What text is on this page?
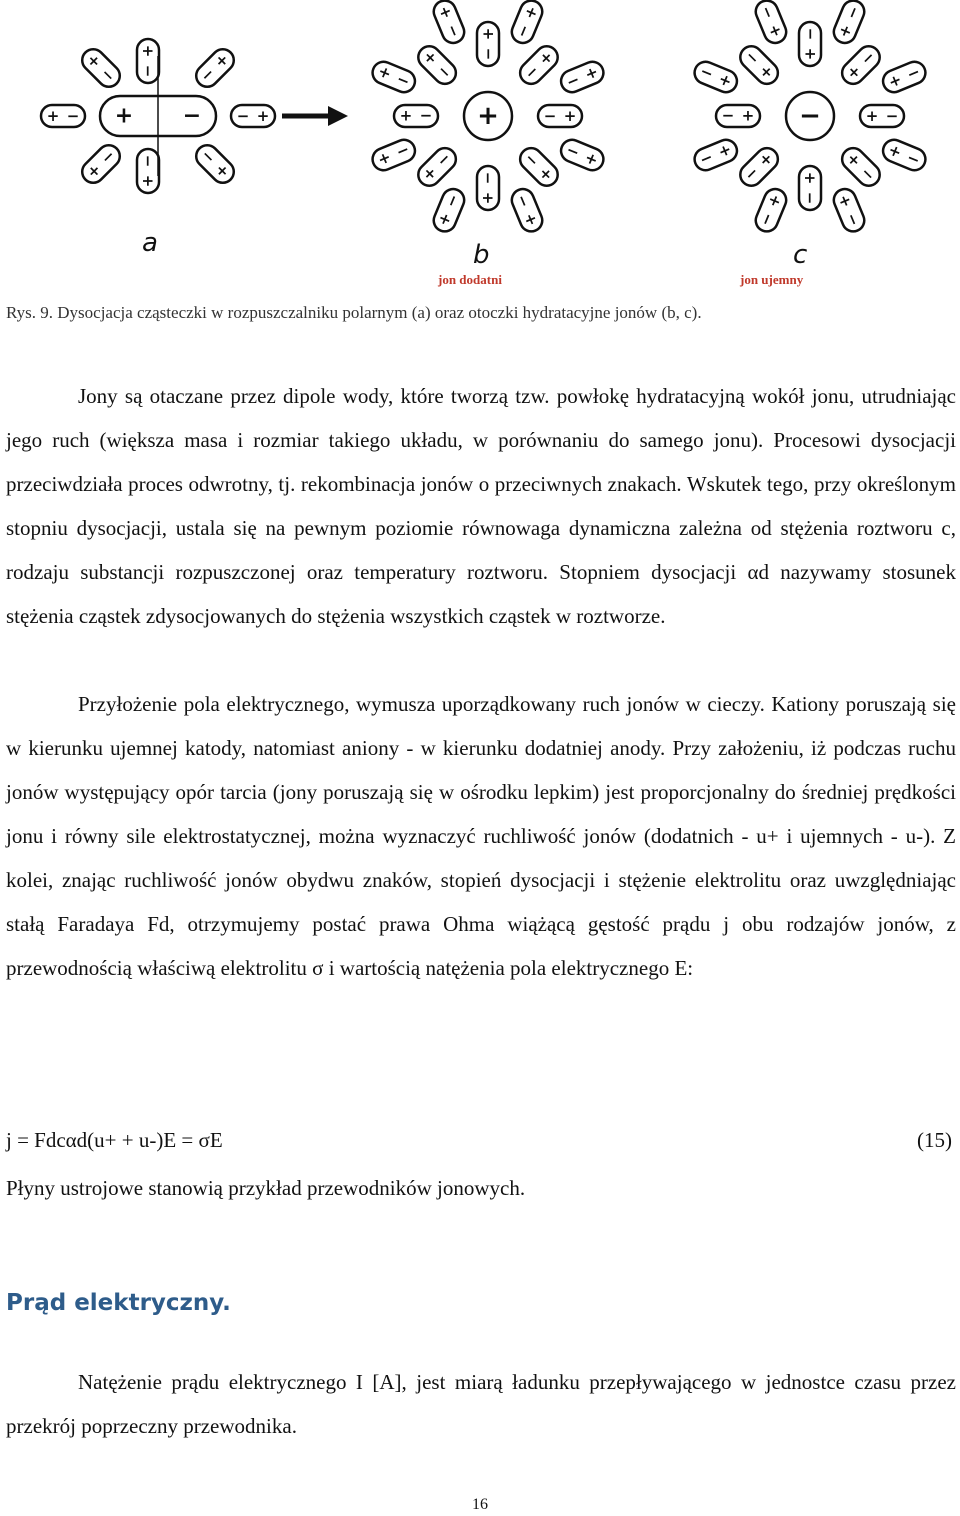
+ −
+ −	− +
+
−
−
+
+
−
+
−
+
−
+
−
+	− +
−
+
−
+
−
+
−
+
−
+	−
+
−
+
− +
−
+
−
+
−
+
−
+
−
+
−
+
− +
−	+ −
+
−
+
−
+
−
+
−
+
−	+
−
+
−
+ −
+
−
+
−
+
−
+
−
+
−
+
−
+ −
a	b	c
jon dodatni	jon ujemny
Rys. 9. Dysocjacja cząsteczki w rozpuszczalniku polarnym (a) oraz otoczki hydratacyjne jonów (b, c).

Jony są otaczane przez dipole wody, które tworzą tzw. powłokę hydratacyjną wokół jonu, utrudniając jego ruch (większa masa i rozmiar takiego układu, w porównaniu do samego jonu). Procesowi dysocjacji przeciwdziała proces odwrotny, tj. rekombinacja jonów o przeciwnych znakach. Wskutek tego, przy określonym stopniu dysocjacji, ustala się na pewnym poziomie równowaga dynamiczna zależna od stężenia roztworu c, rodzaju substancji rozpuszczonej oraz temperatury roztworu. Stopniem dysocjacji αd nazywamy stosunek stężenia cząstek zdysocjowanych do stężenia wszystkich cząstek w roztworze.

Przyłożenie pola elektrycznego, wymusza uporządkowany ruch jonów w cieczy. Kationy poruszają się w kierunku ujemnej katody, natomiast aniony - w kierunku dodatniej anody. Przy założeniu, iż podczas ruchu jonów występujący opór tarcia (jony poruszają się w ośrodku lepkim) jest proporcjonalny do średniej prędkości jonu i równy sile elektrostatycznej, można wyznaczyć ruchliwość jonów (dodatnich - u+ i ujemnych - u-). Z kolei, znając ruchliwość jonów obydwu znaków, stopień dysocjacji i stężenie elektrolitu oraz uwzględniając stałą Faradaya Fd, otrzymujemy postać prawa Ohma wiążącą gęstość prądu j obu rodzajów jonów, z przewodnością właściwą elektrolitu σ i wartością natężenia pola elektrycznego E:

j = Fdcαd(u+ + u-)E = σE	(15)

Płyny ustrojowe stanowią przykład przewodników jonowych.

Prąd elektryczny.

Natężenie prądu elektrycznego I [A], jest miarą ładunku przepływającego w jednostce czasu przez przekrój poprzeczny przewodnika.

16
